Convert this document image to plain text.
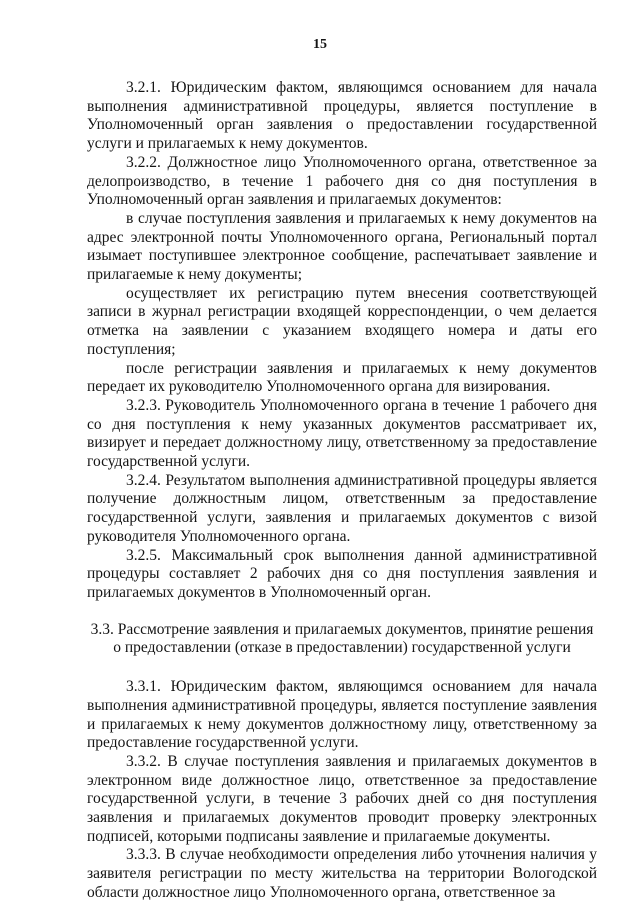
15

3.2.1. Юридическим фактом, являющимся основанием для начала выполнения административной процедуры, является поступление в Уполномоченный орган заявления о предоставлении государственной услуги и прилагаемых к нему документов.

3.2.2. Должностное лицо Уполномоченного органа, ответственное за делопроизводство, в течение 1 рабочего дня со дня поступления в Уполномоченный орган заявления и прилагаемых документов:

в случае поступления заявления и прилагаемых к нему документов на адрес электронной почты Уполномоченного органа, Региональный портал изымает поступившее электронное сообщение, распечатывает заявление и прилагаемые к нему документы;

осуществляет их регистрацию путем внесения соответствующей записи в журнал регистрации входящей корреспонденции, о чем делается отметка на заявлении с указанием входящего номера и даты его поступления;

после регистрации заявления и прилагаемых к нему документов передает их руководителю Уполномоченного органа для визирования.

3.2.3. Руководитель Уполномоченного органа в течение 1 рабочего дня со дня поступления к нему указанных документов рассматривает их, визирует и передает должностному лицу, ответственному за предоставление государственной услуги.

3.2.4. Результатом выполнения административной процедуры является получение должностным лицом, ответственным за предоставление государственной услуги, заявления и прилагаемых документов с визой руководителя Уполномоченного органа.

3.2.5. Максимальный срок выполнения данной административной процедуры составляет 2 рабочих дня со дня поступления заявления и прилагаемых документов в Уполномоченный орган.

3.3. Рассмотрение заявления и прилагаемых документов, принятие решения о предоставлении (отказе в предоставлении) государственной услуги

3.3.1. Юридическим фактом, являющимся основанием для начала выполнения административной процедуры, является поступление заявления и прилагаемых к нему документов должностному лицу, ответственному за предоставление государственной услуги.

3.3.2. В случае поступления заявления и прилагаемых документов в электронном виде должностное лицо, ответственное за предоставление государственной услуги, в течение 3 рабочих дней со дня поступления заявления и прилагаемых документов проводит проверку электронных подписей, которыми подписаны заявление и прилагаемые документы.

3.3.3. В случае необходимости определения либо уточнения наличия у заявителя регистрации по месту жительства на территории Вологодской области должностное лицо Уполномоченного органа, ответственное за
